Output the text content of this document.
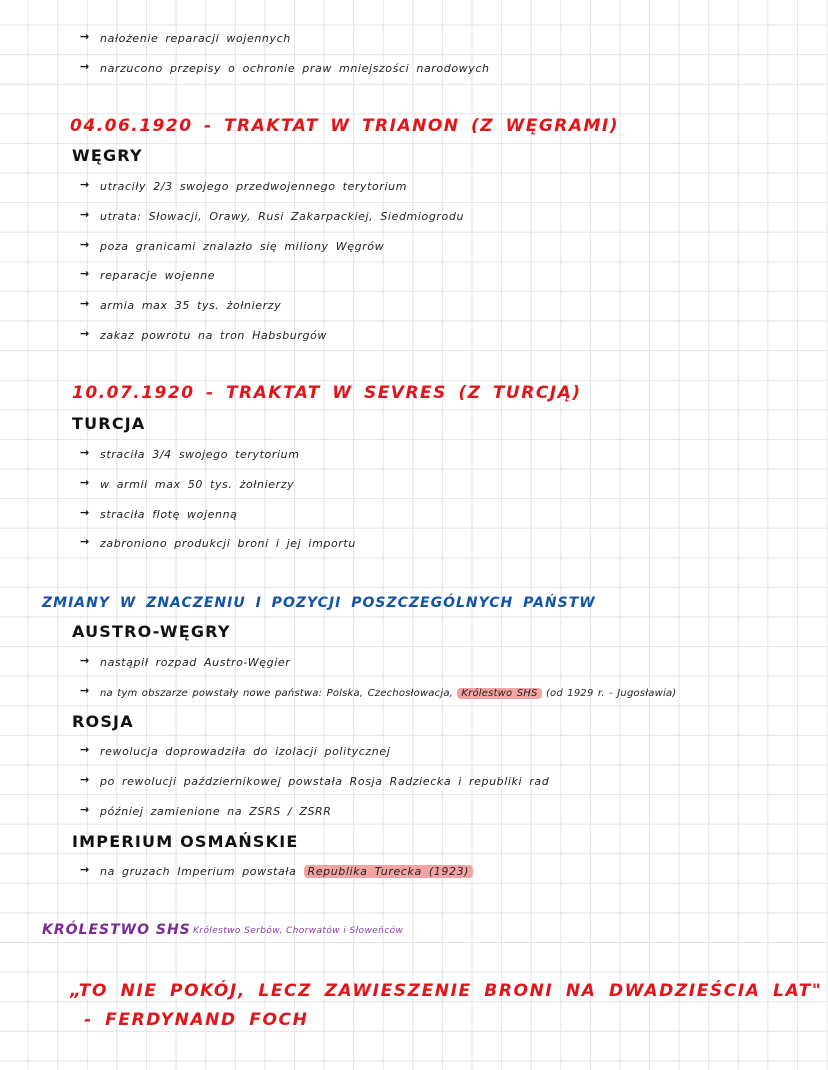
→ nałożenie reparacji wojennych
→ narzucono przepisy o ochronie praw mniejszości narodowych
04.06.1920 - TRAKTAT W TRIANON (Z WĘGRAMI)
WĘGRY
→ utraciły 2/3 swojego przedwojennego terytorium
→ utrata: Słowacji, Orawy, Rusi Zakarpackiej, Siedmiogrodu
→ poza granicami znalazło się miliony Węgrów
→ reparacje wojenne
→ armia max 35 tys. żołnierzy
→ zakaz powrotu na tron Habsburgów
10.07.1920 - TRAKTAT W SEVRES (Z TURCJĄ)
TURCJA
→ straciła 3/4 swojego terytorium
→ w armii max 50 tys. żołnierzy
→ straciła flotę wojenną
→ zabroniono produkcji broni i jej importu
ZMIANY W ZNACZENIU I POZYCJI POSZCZEGÓLNYCH PAŃSTW
AUSTRO-WĘGRY
→ nastąpił rozpad Austro-Węgier
→ na tym obszarze powstały nowe państwa: Polska, Czechosłowacja, Królestwo SHS (od 1929 r. - Jugosławia)
ROSJA
→ rewolucja doprowadziła do izolacji politycznej
→ po rewolucji październikowej powstała Rosja Radziecka i republiki rad
→ później zamienione na ZSRS / ZSRR
IMPERIUM OSMAŃSKIE
→ na gruzach Imperium powstała Republika Turecka (1923)
KRÓLESTWO SHS Królestwo Serbów, Chorwatów i Słoweńców
„TO NIE POKÓJ, LECZ ZAWIESZENIE BRONI NA DWADZIEŚCIA LAT"
- FERDYNAND FOCH
